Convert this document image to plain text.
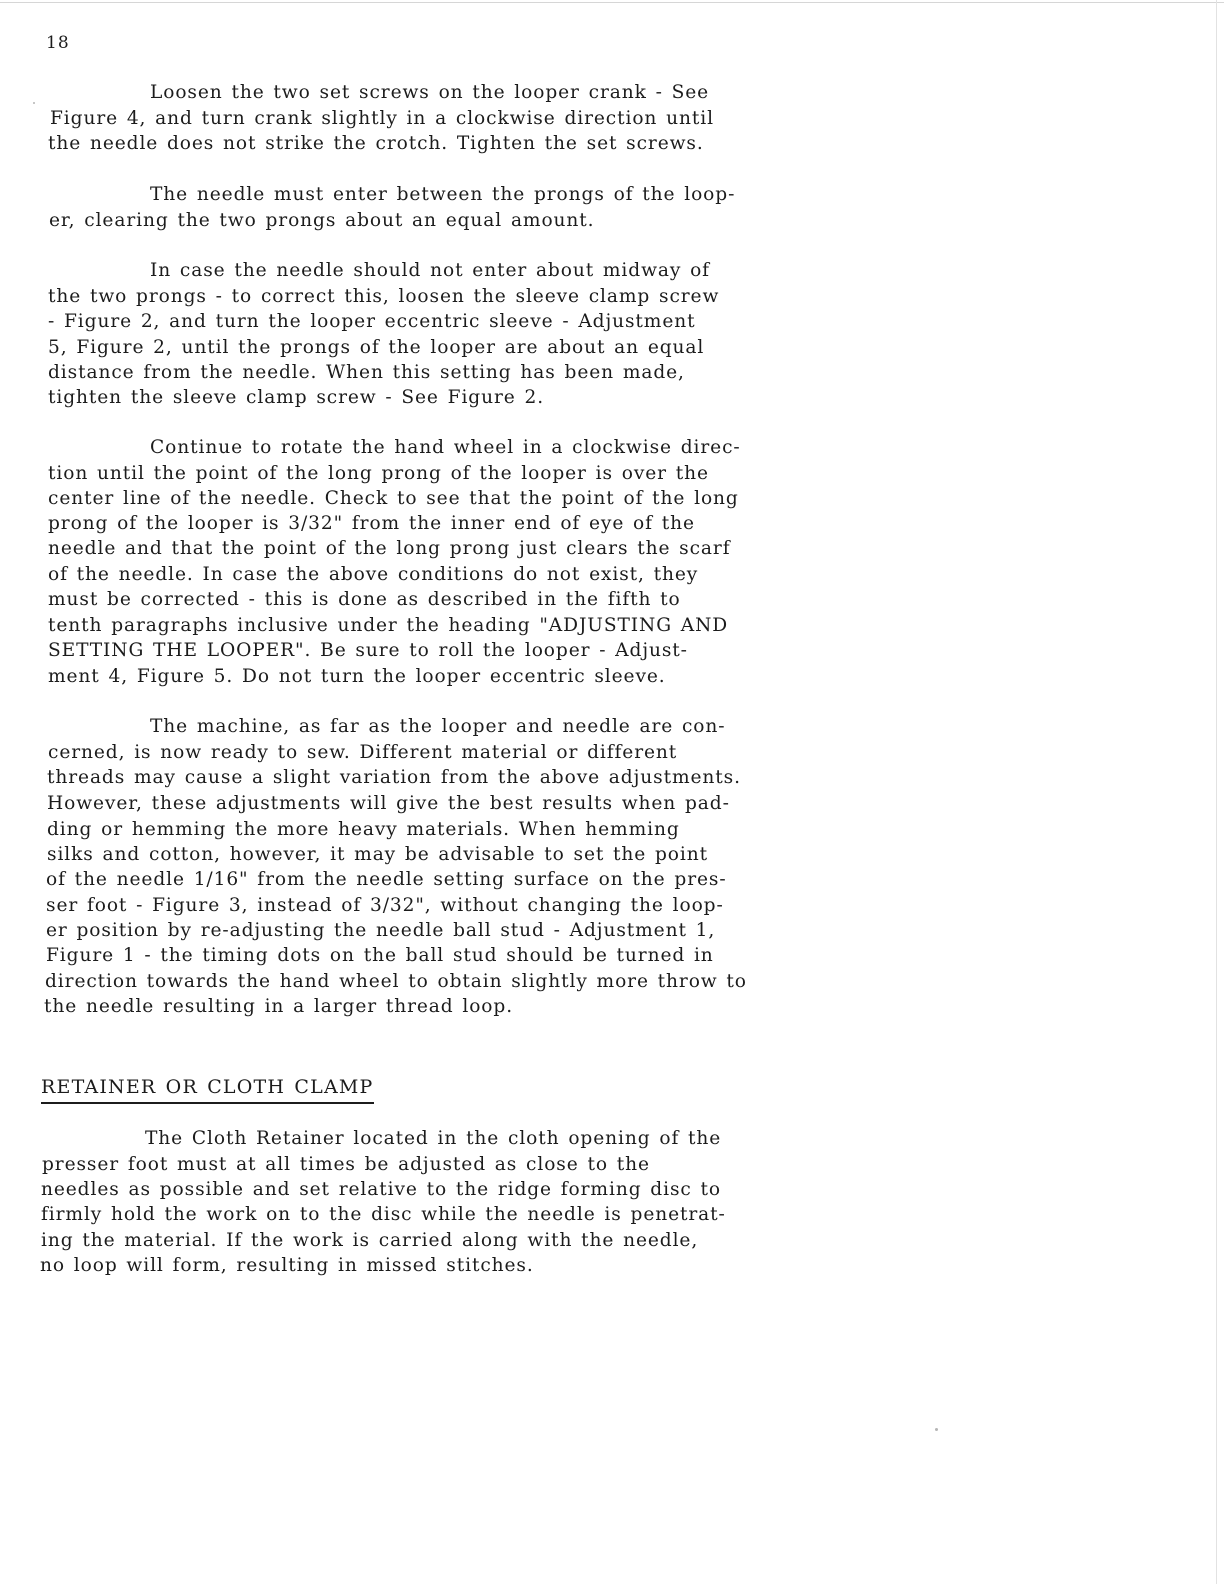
18
Loosen the two set screws on the looper crank - See
Figure 4, and turn crank slightly in a clockwise direction until
the needle does not strike the crotch. Tighten the set screws.
The needle must enter between the prongs of the loop-
er, clearing the two prongs about an equal amount.
In case the needle should not enter about midway of
the two prongs - to correct this, loosen the sleeve clamp screw
- Figure 2, and turn the looper eccentric sleeve - Adjustment
5, Figure 2, until the prongs of the looper are about an equal
distance from the needle. When this setting has been made,
tighten the sleeve clamp screw - See Figure 2.
Continue to rotate the hand wheel in a clockwise direc-
tion until the point of the long prong of the looper is over the
center line of the needle. Check to see that the point of the long
prong of the looper is 3/32" from the inner end of eye of the
needle and that the point of the long prong just clears the scarf
of the needle. In case the above conditions do not exist, they
must be corrected - this is done as described in the fifth to
tenth paragraphs inclusive under the heading "ADJUSTING AND
SETTING THE LOOPER". Be sure to roll the looper - Adjust-
ment 4, Figure 5. Do not turn the looper eccentric sleeve.
The machine, as far as the looper and needle are con-
cerned, is now ready to sew. Different material or different
threads may cause a slight variation from the above adjustments.
However, these adjustments will give the best results when pad-
ding or hemming the more heavy materials. When hemming
silks and cotton, however, it may be advisable to set the point
of the needle 1/16" from the needle setting surface on the pres-
ser foot - Figure 3, instead of 3/32", without changing the loop-
er position by re-adjusting the needle ball stud - Adjustment 1,
Figure 1 - the timing dots on the ball stud should be turned in
direction towards the hand wheel to obtain slightly more throw to
the needle resulting in a larger thread loop.
RETAINER OR CLOTH CLAMP
The Cloth Retainer located in the cloth opening of the
presser foot must at all times be adjusted as close to the
needles as possible and set relative to the ridge forming disc to
firmly hold the work on to the disc while the needle is penetrat-
ing the material. If the work is carried along with the needle,
no loop will form, resulting in missed stitches.
